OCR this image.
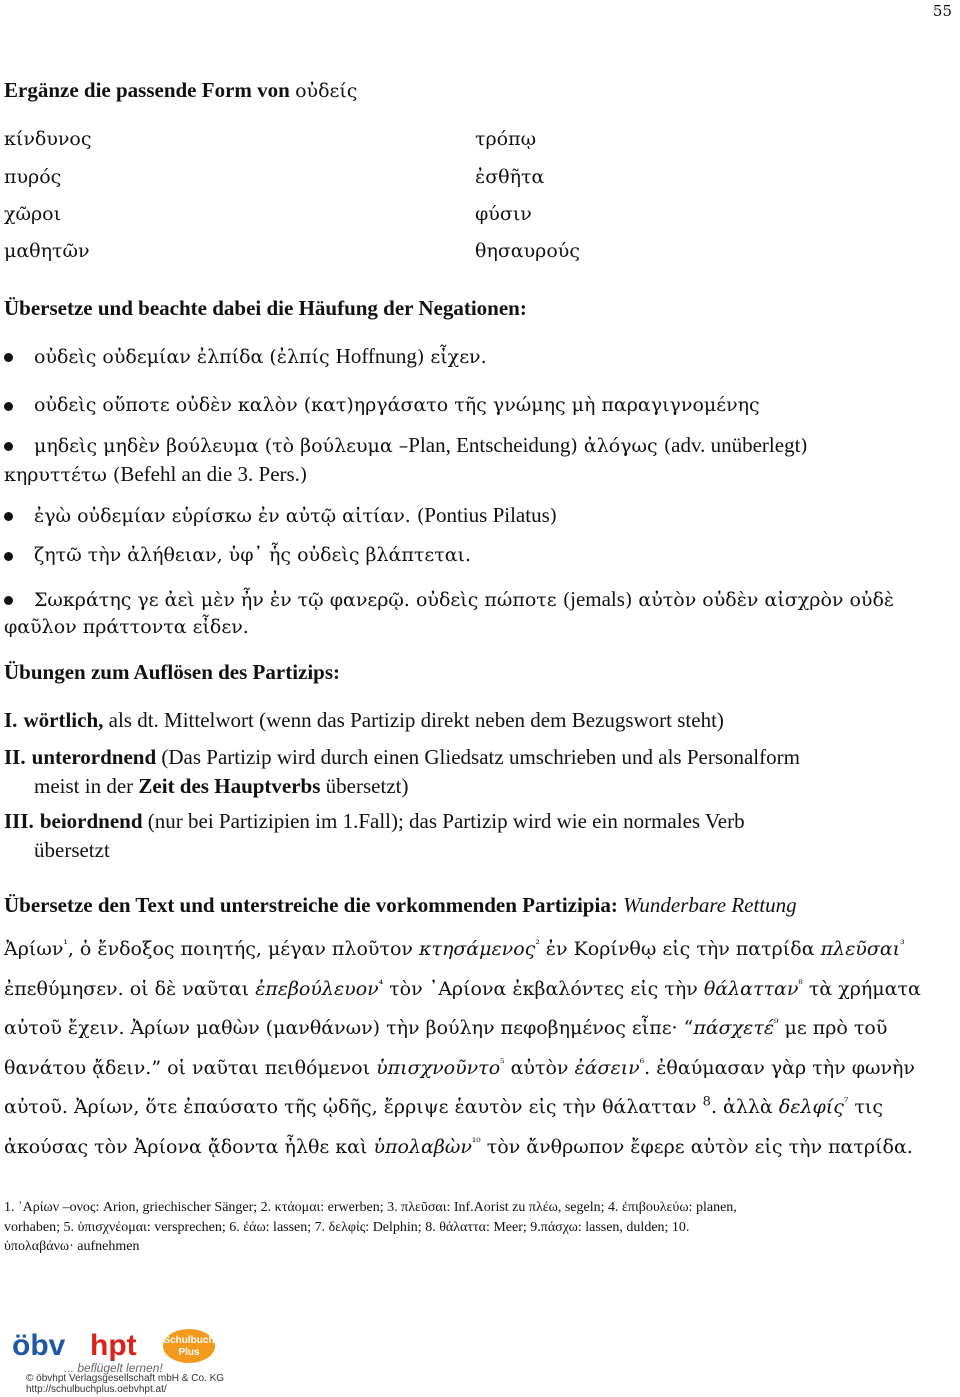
55
Ergänze die passende Form von οὐδείς
κίνδυνος
πυρός
χῶροι
μαθητῶν
τρόπῳ
ἐσθῆτα
φύσιν
θησαυρούς
Übersetze und beachte dabei die Häufung der Negationen:
οὐδεὶς οὐδεμίαν ἐλπίδα (ἐλπίς Hoffnung) εἶχεν.
οὐδεὶς οὔποτε οὐδὲν καλὸν (κατ)ηργάσατο τῆς γνώμης μὴ παραγιγνομένης
μηδεὶς μηδὲν βούλευμα (τὸ βούλευμα –Plan, Entscheidung) ἀλόγως (adv. unüberlegt)
κηρυττέτω (Befehl an die 3. Pers.)
ἐγὼ οὐδεμίαν εὑρίσκω ἐν αὐτῷ αἰτίαν. (Pontius Pilatus)
ζητῶ τὴν ἀλήθειαν, ὑφ᾽ ἧς οὐδεὶς βλάπτεται.
Σωκράτης γε ἀεὶ μὲν ἦν ἐν τῷ φανερῷ. οὐδεὶς πώποτε (jemals) αὐτὸν οὐδὲν αἰσχρὸν οὐδὲ
φαῦλον πράττοντα εἶδεν.
Übungen zum Auflösen des Partizips:
I. wörtlich, als dt. Mittelwort (wenn das Partizip direkt neben dem Bezugswort steht)
II. unterordnend (Das Partizip wird durch einen Gliedsatz umschrieben und als Personalform
meist in der Zeit des Hauptverbs übersetzt)
III. beiordnend (nur bei Partizipien im 1.Fall); das Partizip wird wie ein normales Verb
übersetzt
Übersetze den Text und unterstreiche die vorkommenden Partizipia: Wunderbare Rettung
Ἀρίων$^{^1}$, ὁ ἔνδοξος ποιητής, μέγαν πλοῦτον κτησάμενος$^{^2}$ ἐν Κορίνθῳ εἰς τὴν πατρίδα πλεῦσαι$^{^3}$
ἐπεθύμησεν. οἱ δὲ ναῦται ἐπεβούλευον$^{^4}$ τὸν ᾿Αρίονα ἐκβαλόντες εἰς τὴν θάλατταν$^{^8}$ τὰ χρήματα
αὐτοῦ ἔχειν. Ἀρίων μαθὼν (μανθάνων) τὴν βούλην πεφοβημένος εἶπε· “πάσχετέ$^{^9}$ με πρὸ τοῦ
θανάτου ᾄδειν.” οἱ ναῦται πειθόμενοι ὑπισχνοῦντο$^{^5}$ αὐτὸν ἐάσειν$^{^6}$. ἐθαύμασαν γὰρ τὴν φωνὴν
αὐτοῦ. Ἀρίων, ὅτε ἐπαύσατο τῆς ᾠδῆς, ἔρριψε ἑαυτὸν εἰς τὴν θάλατταν $^8$. ἀλλὰ δελφίς$^{^7}$ τις
ἀκούσας τὸν Ἀρίονα ᾄδοντα ἦλθε καὶ ὑπολαβὼν$^{^{10}}$ τὸν ἄνθρωπον ἔφερε αὐτὸν εἰς τὴν πατρίδα.
1. ᾿Αρίων –ονος: Arion, griechischer Sänger; 2. κτάομαι: erwerben; 3. πλεῦσαι: Inf.Aorist zu πλέω, segeln; 4. ἐπιβουλεύω: planen,
vorhaben; 5. ὑπισχνέομαι: versprechen; 6. ἐάω: lassen; 7. δελφίς: Delphin; 8. θάλαττα: Meer; 9.πάσχω: lassen, dulden; 10.
ὑπολαβάνω· aufnehmen
öbv hpt	Schulbuch
Plus
... beflügelt lernen!
© öbvhpt Verlagsgesellschaft mbH & Co. KG
http://schulbuchplus.oebvhpt.at/
